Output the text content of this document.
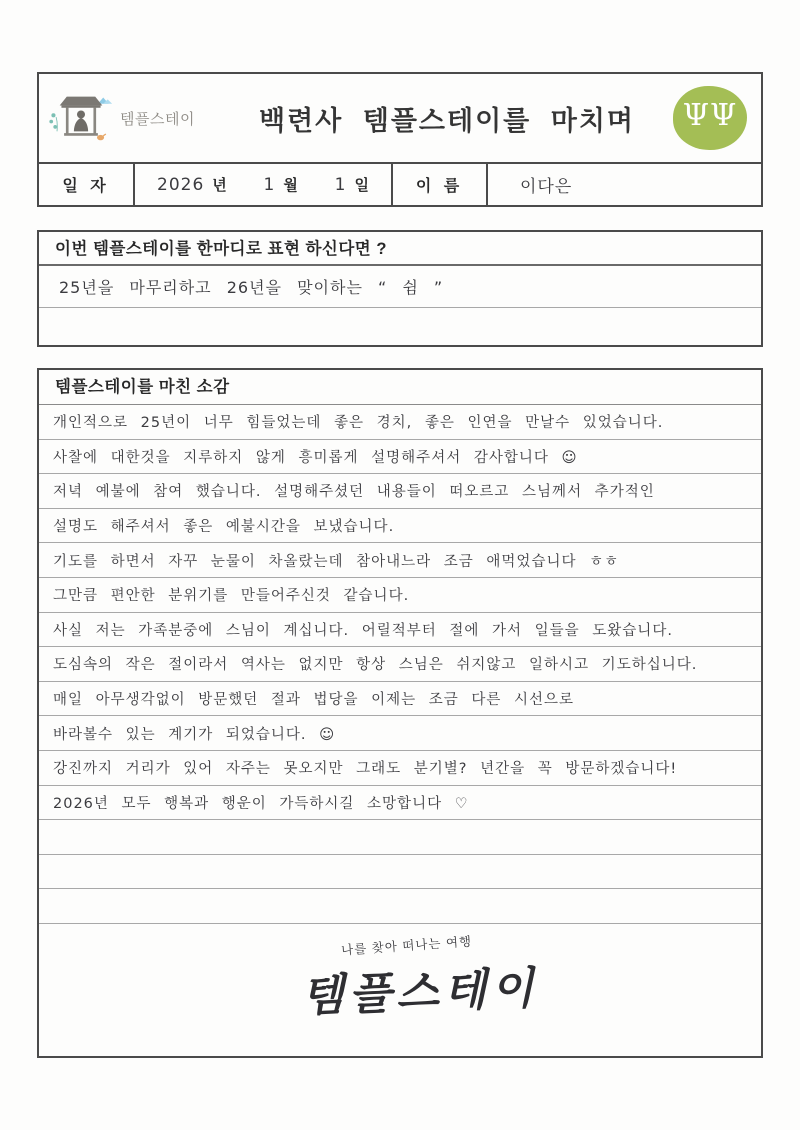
템플스테이	백련사 템플스테이를 마치며	ΨΨ
일 자	2026 년 1 월 1 일	이 름	이다은
이번 템플스테이를 한마디로 표현 하신다면 ?
25년을 마무리하고 26년을 맞이하는 “ 쉼 ”
템플스테이를 마친 소감
개인적으로 25년이 너무 힘들었는데 좋은 경치, 좋은 인연을 만날수 있었습니다.
사찰에 대한것을 지루하지 않게 흥미롭게 설명해주셔서 감사합니다 ☺
저녁 예불에 참여 했습니다. 설명해주셨던 내용들이 떠오르고 스님께서 추가적인
설명도 해주셔서 좋은 예불시간을 보냈습니다.
기도를 하면서 자꾸 눈물이 차올랐는데 참아내느라 조금 애먹었습니다 ㅎㅎ
그만큼 편안한 분위기를 만들어주신것 같습니다.
사실 저는 가족분중에 스님이 계십니다. 어릴적부터 절에 가서 일들을 도왔습니다.
도심속의 작은 절이라서 역사는 없지만 항상 스님은 쉬지않고 일하시고 기도하십니다.
매일 아무생각없이 방문했던 절과 법당을 이제는 조금 다른 시선으로
바라볼수 있는 계기가 되었습니다. ☺
강진까지 거리가 있어 자주는 못오지만 그래도 분기별? 년간을 꼭 방문하겠습니다!
2026년 모두 행복과 행운이 가득하시길 소망합니다 ♡
나를 찾아 떠나는 여행
템플스테이
